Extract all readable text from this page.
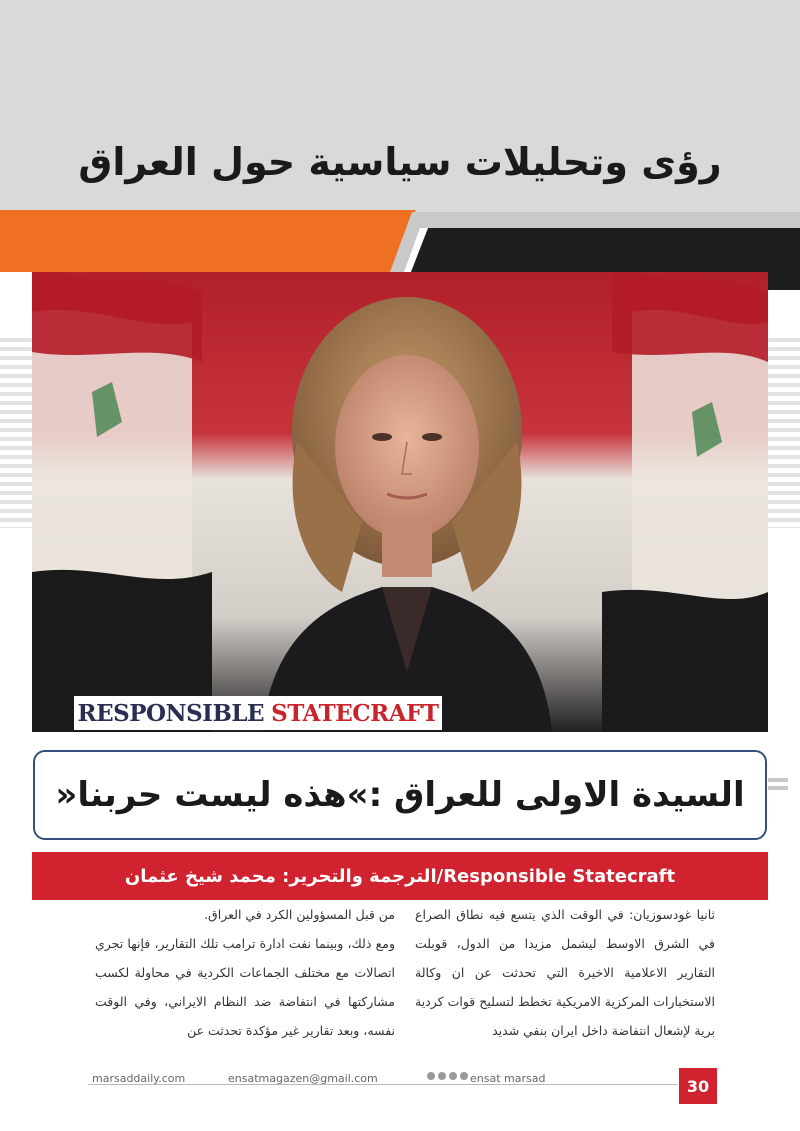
رؤى وتحليلات سياسية حول العراق
RESPONSIBLE STATECRAFT
السيدة الاولى للعراق :»هذه ليست حربنا«
Responsible Statecraft/الترجمة والتحرير: محمد شيخ عثمان

ثانيا غودسوزيان: في الوقت الذي يتسع فيه نطاق الصراع في الشرق الاوسط ليشمل مزيدا من الدول، قوبلت التقارير الاعلامية الاخيرة التي تحدثت عن ان وكالة الاستخبارات المركزية الامريكية تخطط لتسليح قوات كردية برية لإشعال انتفاضة داخل ايران بنفي شديد

من قبل المسؤولين الكرد في العراق.

ومع ذلك، وبينما نفت ادارة ترامب تلك التقارير، فإنها تجري اتصالات مع مختلف الجماعات الكردية في محاولة لكسب مشاركتها في انتفاضة ضد النظام الايراني، وفي الوقت نفسه، وبعد تقارير غير مؤكدة تحدثت عن

marsaddaily.com	ensatmagazen@gmail.com	ensat marsad	30
